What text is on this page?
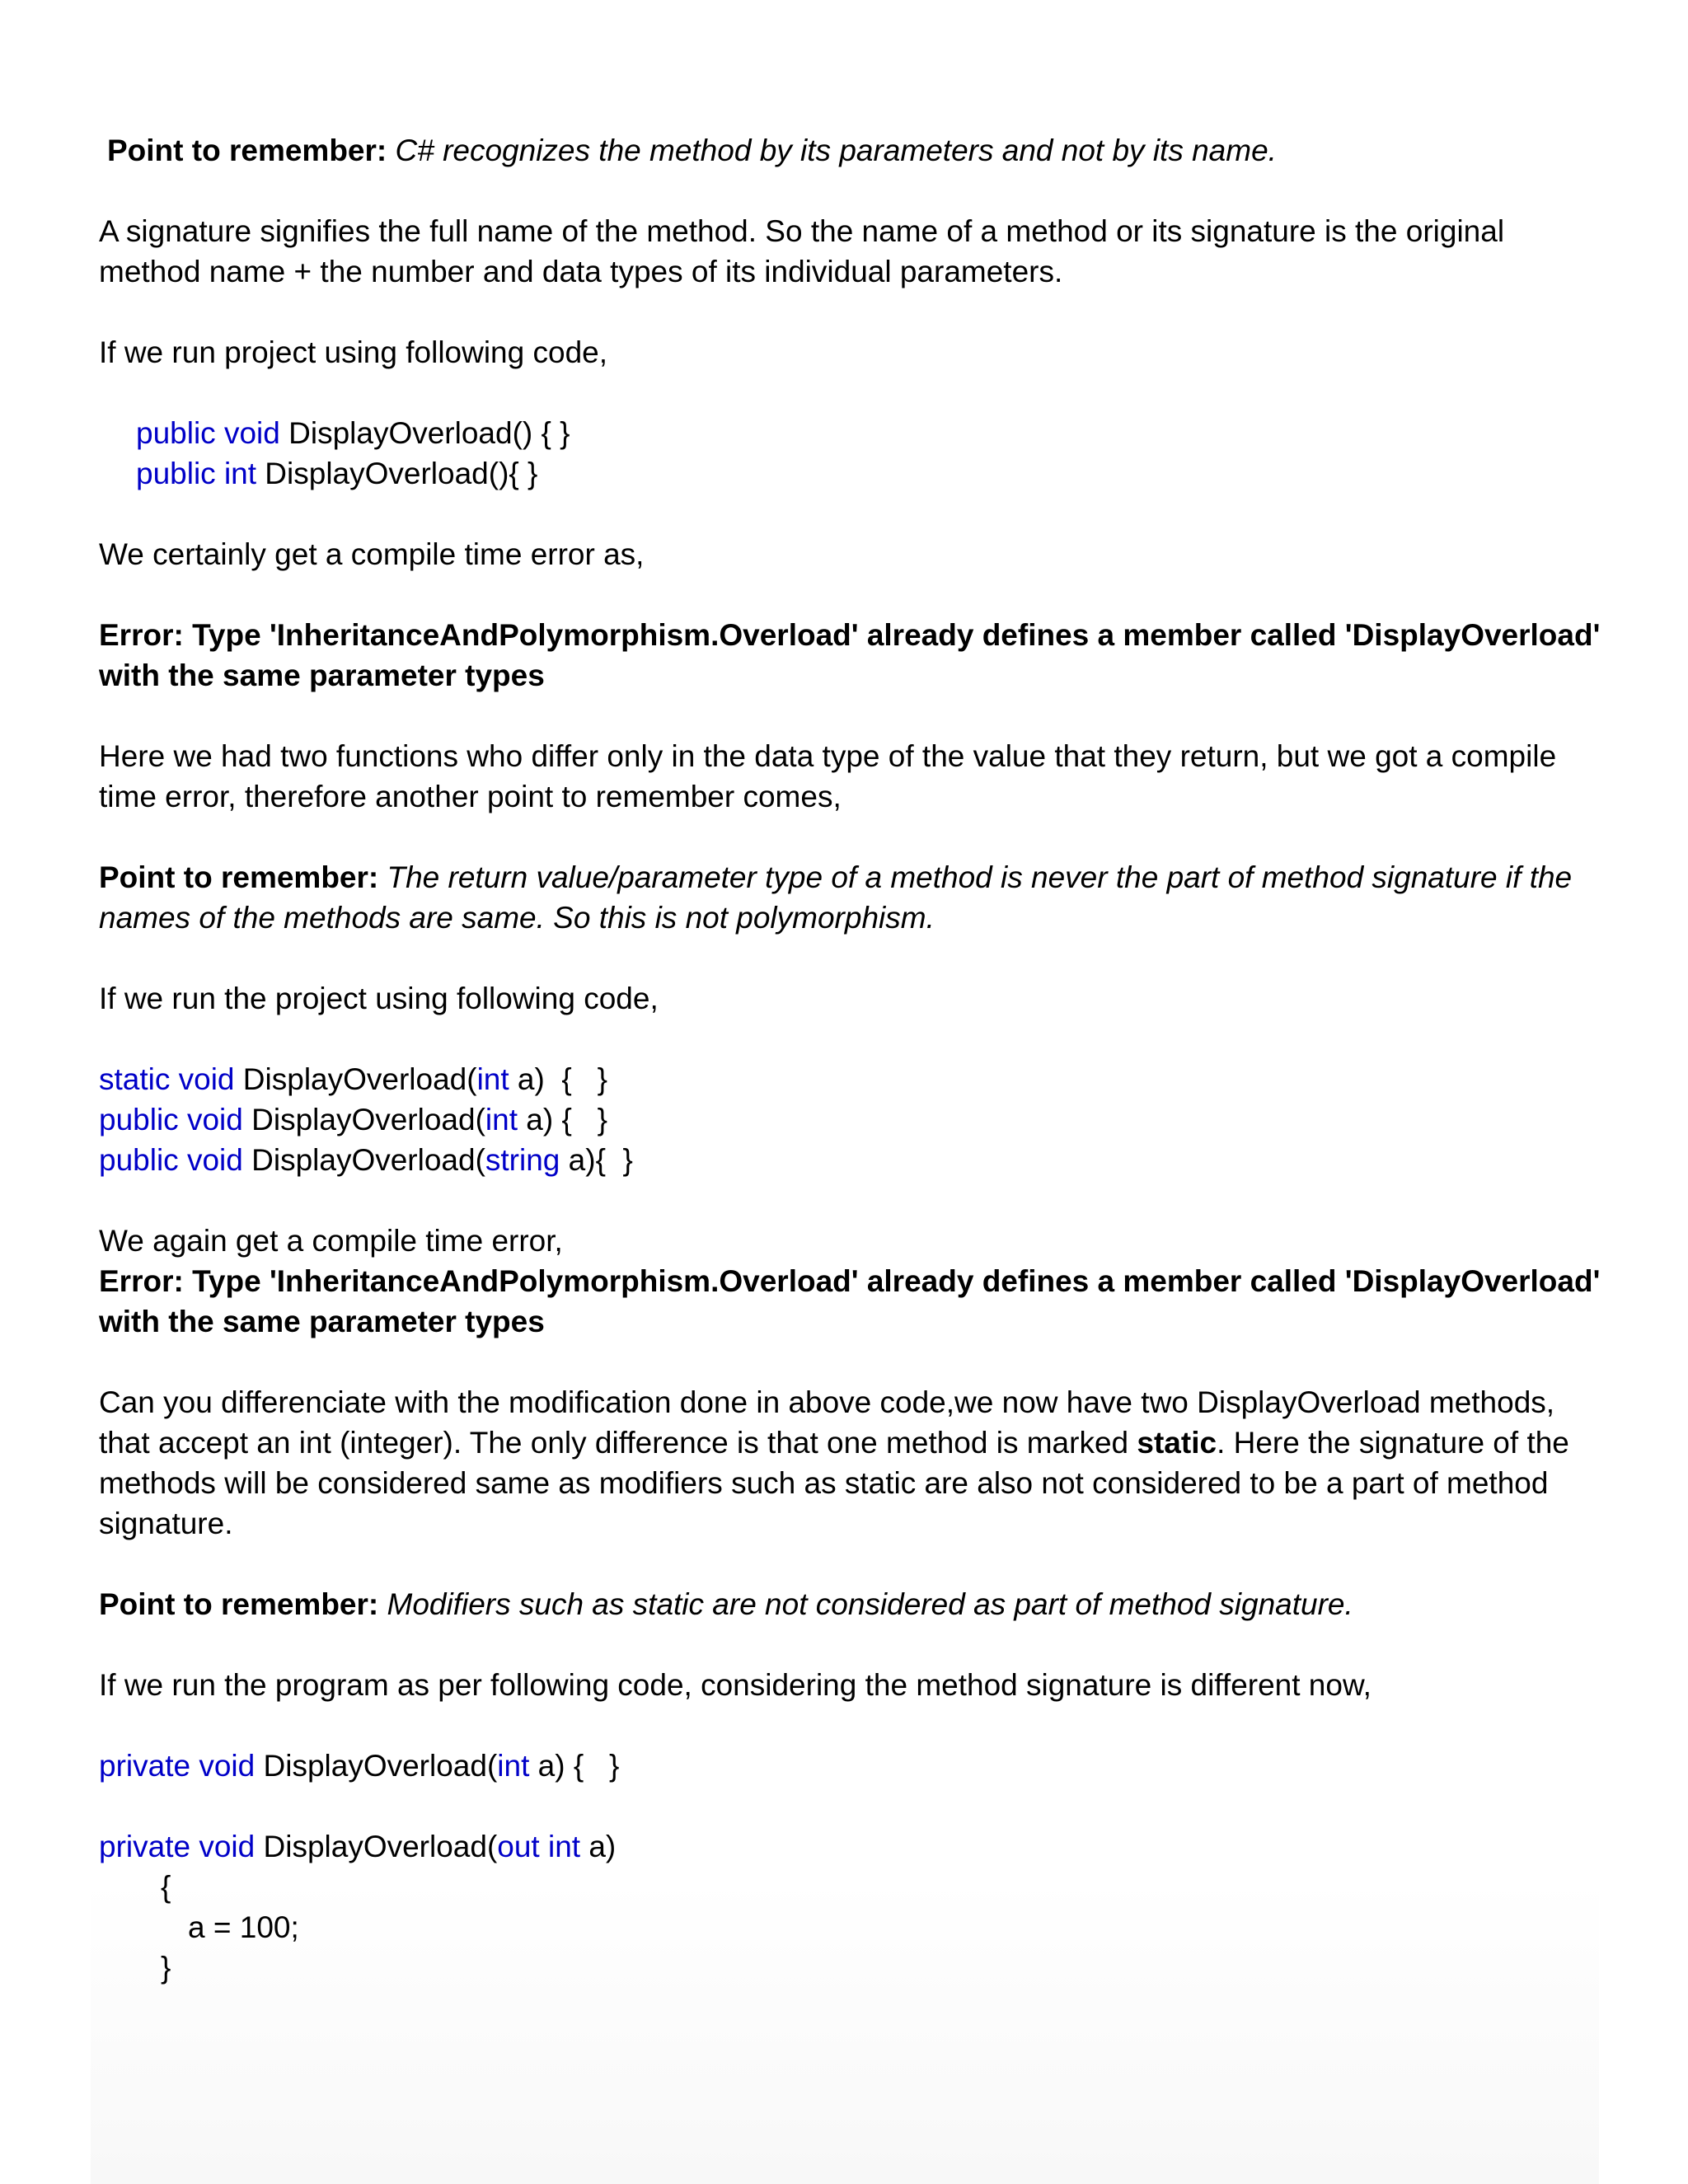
Point to remember: C# recognizes the method by its parameters and not by its name.
A signature signifies the full name of the method. So the name of a method or its signature is the original
method name + the number and data types of its individual parameters.
If we run project using following code,
public void DisplayOverload() { }
public int DisplayOverload(){ }
We certainly get a compile time error as,
Error: Type 'InheritanceAndPolymorphism.Overload' already defines a member called 'DisplayOverload'
with the same parameter types
Here we had two functions who differ only in the data type of the value that they return, but we got a compile
time error, therefore another point to remember comes,
Point to remember: The return value/parameter type of a method is never the part of method signature if the
names of the methods are same. So this is not polymorphism.
If we run the project using following code,
static void DisplayOverload(int a)  {   }
public void DisplayOverload(int a) {   }
public void DisplayOverload(string a){  }
We again get a compile time error,
Error: Type 'InheritanceAndPolymorphism.Overload' already defines a member called 'DisplayOverload'
with the same parameter types
Can you differenciate with the modification done in above code,we now have two DisplayOverload methods,
that accept an int (integer). The only difference is that one method is marked static. Here the signature of the
methods will be considered same as modifiers such as static are also not considered to be a part of method
signature.
Point to remember: Modifiers such as static are not considered as part of method signature.
If we run the program as per following code, considering the method signature is different now,
private void DisplayOverload(int a) {   }
private void DisplayOverload(out int a)
{
a = 100;
}
